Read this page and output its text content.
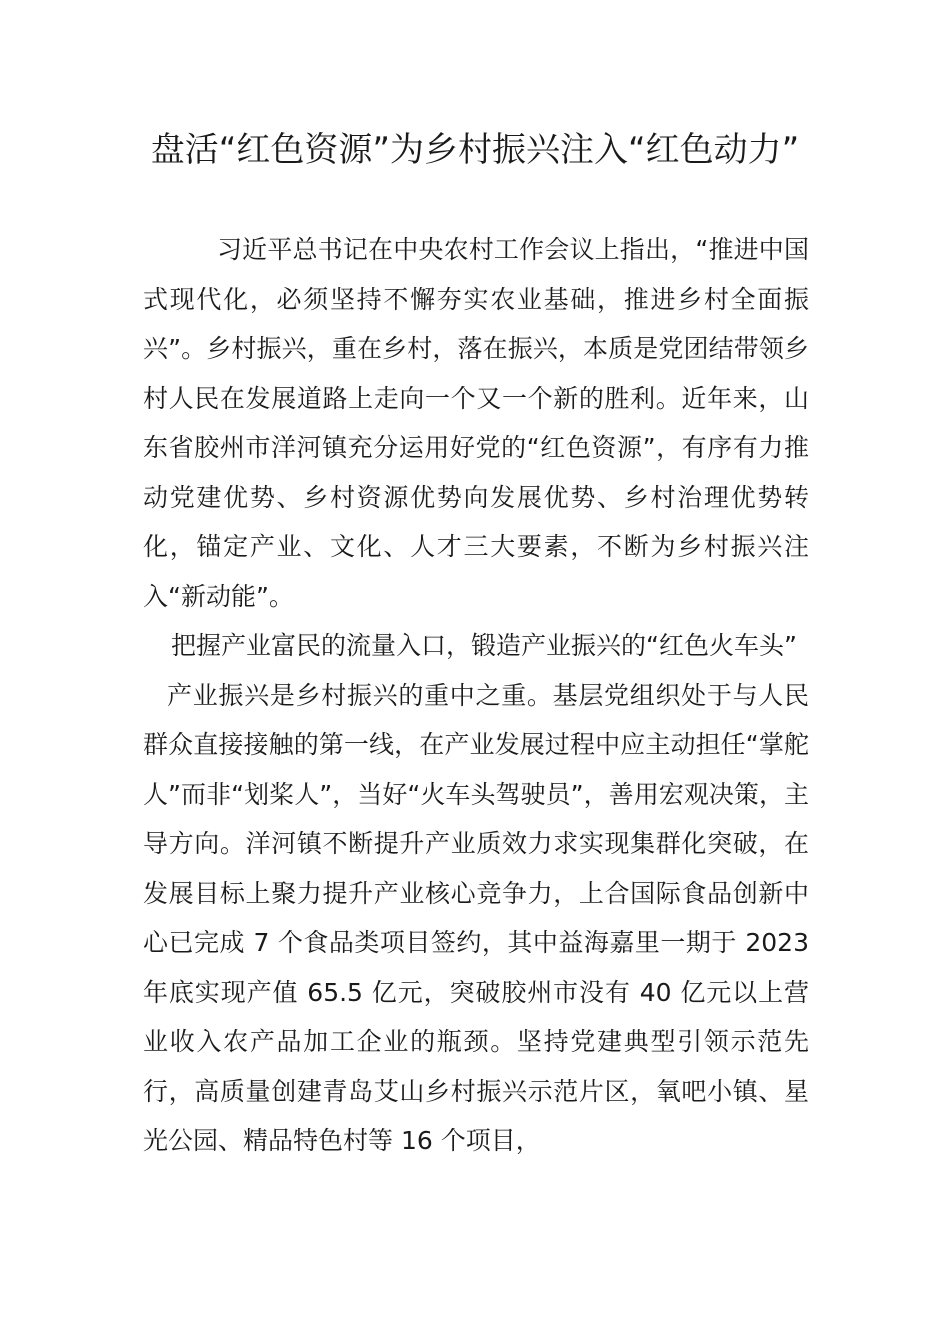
盘活“红色资源”为乡村振兴注入“红色动力”

习近平总书记在中央农村工作会议上指出，“推进中国式现代化，必须坚持不懈夯实农业基础，推进乡村全面振兴”。乡村振兴，重在乡村，落在振兴，本质是党团结带领乡村人民在发展道路上走向一个又一个新的胜利。近年来，山东省胶州市洋河镇充分运用好党的“红色资源”，有序有力推动党建优势、乡村资源优势向发展优势、乡村治理优势转化，锚定产业、文化、人才三大要素，不断为乡村振兴注入“新动能”。

把握产业富民的流量入口，锻造产业振兴的“红色火车头”

产业振兴是乡村振兴的重中之重。基层党组织处于与人民群众直接接触的第一线，在产业发展过程中应主动担任“掌舵人”而非“划桨人”，当好“火车头驾驶员”，善用宏观决策，主导方向。洋河镇不断提升产业质效力求实现集群化突破，在发展目标上聚力提升产业核心竞争力，上合国际食品创新中心已完成 7 个食品类项目签约，其中益海嘉里一期于 2023 年底实现产值 65.5 亿元，突破胶州市没有 40 亿元以上营业收入农产品加工企业的瓶颈。坚持党建典型引领示范先行，高质量创建青岛艾山乡村振兴示范片区，氧吧小镇、星光公园、精品特色村等 16 个项目，
